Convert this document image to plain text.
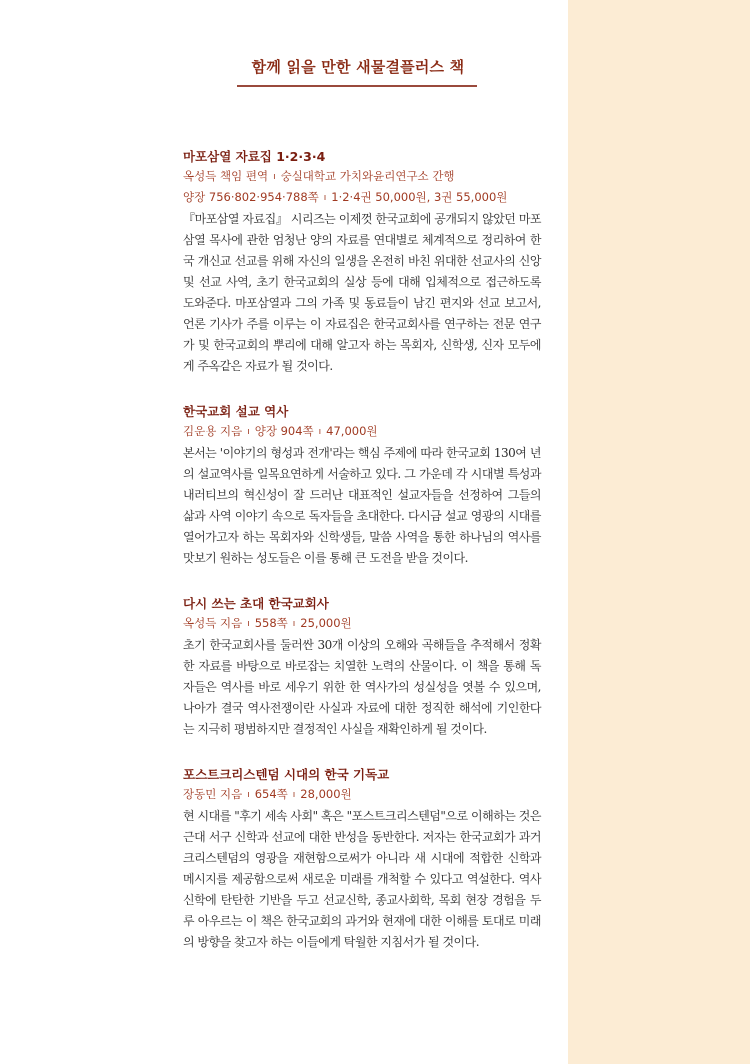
함께 읽을 만한 새물결플러스 책
마포삼열 자료집 1·2·3·4
옥성득 책임 편역 ı 숭실대학교 가치와윤리연구소 간행
양장 756·802·954·788쪽 ı 1·2·4권 50,000원, 3권 55,000원

『마포삼열 자료집』 시리즈는 이제껏 한국교회에 공개되지 않았던 마포삼열 목사에 관한 엄청난 양의 자료를 연대별로 체계적으로 정리하여 한국 개신교 선교를 위해 자신의 일생을 온전히 바친 위대한 선교사의 신앙 및 선교 사역, 초기 한국교회의 실상 등에 대해 입체적으로 접근하도록 도와준다. 마포삼열과 그의 가족 및 동료들이 남긴 편지와 선교 보고서, 언론 기사가 주를 이루는 이 자료집은 한국교회사를 연구하는 전문 연구가 및 한국교회의 뿌리에 대해 알고자 하는 목회자, 신학생, 신자 모두에게 주옥같은 자료가 될 것이다.

한국교회 설교 역사
김운용 지음 ı 양장 904쪽 ı 47,000원

본서는 '이야기의 형성과 전개'라는 핵심 주제에 따라 한국교회 130여 년의 설교역사를 일목요연하게 서술하고 있다. 그 가운데 각 시대별 특성과 내러티브의 혁신성이 잘 드러난 대표적인 설교자들을 선정하여 그들의 삶과 사역 이야기 속으로 독자들을 초대한다. 다시금 설교 영광의 시대를 열어가고자 하는 목회자와 신학생들, 말씀 사역을 통한 하나님의 역사를 맛보기 원하는 성도들은 이를 통해 큰 도전을 받을 것이다.

다시 쓰는 초대 한국교회사
옥성득 지음 ı 558쪽 ı 25,000원

초기 한국교회사를 둘러싼 30개 이상의 오해와 곡해들을 추적해서 정확한 자료를 바탕으로 바로잡는 치열한 노력의 산물이다. 이 책을 통해 독자들은 역사를 바로 세우기 위한 한 역사가의 성실성을 엿볼 수 있으며, 나아가 결국 역사전쟁이란 사실과 자료에 대한 정직한 해석에 기인한다는 지극히 평범하지만 결정적인 사실을 재확인하게 될 것이다.

포스트크리스텐덤 시대의 한국 기독교
장동민 지음 ı 654쪽 ı 28,000원

현 시대를 "후기 세속 사회" 혹은 "포스트크리스텐덤"으로 이해하는 것은 근대 서구 신학과 선교에 대한 반성을 동반한다. 저자는 한국교회가 과거 크리스텐덤의 영광을 재현함으로써가 아니라 새 시대에 적합한 신학과 메시지를 제공함으로써 새로운 미래를 개척할 수 있다고 역설한다. 역사신학에 탄탄한 기반을 두고 선교신학, 종교사회학, 목회 현장 경험을 두루 아우르는 이 책은 한국교회의 과거와 현재에 대한 이해를 토대로 미래의 방향을 찾고자 하는 이들에게 탁월한 지침서가 될 것이다.
